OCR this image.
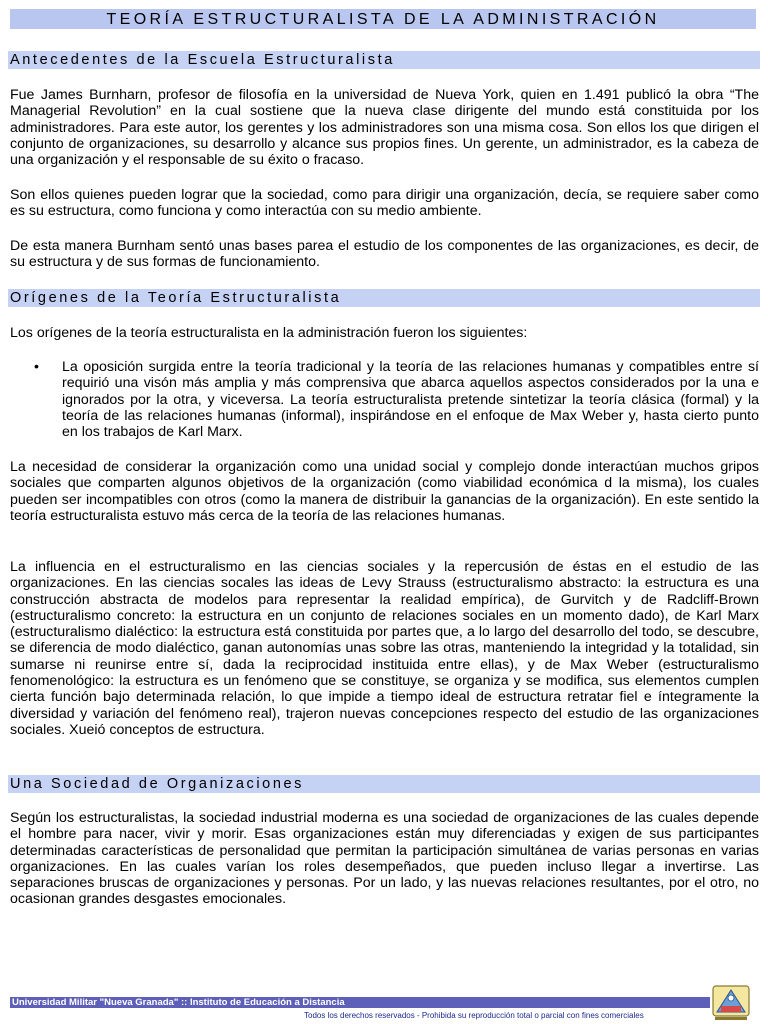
TEORÍA ESTRUCTURALISTA DE LA ADMINISTRACIÓN
Antecedentes de la Escuela Estructuralista

Fue James Burnharn, profesor de filosofía en la universidad de Nueva York, quien en 1.491 publicó la obra “The Managerial Revolution” en la cual sostiene que la nueva clase dirigente del mundo está constituida por los administradores. Para este autor, los gerentes y los administradores son una misma cosa. Son ellos los que dirigen el conjunto de organizaciones, su desarrollo y alcance sus propios fines. Un gerente, un administrador, es la cabeza de una organización y el responsable de su éxito o fracaso.

Son ellos quienes pueden lograr que la sociedad, como para dirigir una organización, decía, se requiere saber como es su estructura, como funciona y como interactúa con su medio ambiente.

De esta manera Burnham sentó unas bases parea el estudio de los componentes de las organizaciones, es decir, de su estructura y de sus formas de funcionamiento.

Orígenes de la Teoría Estructuralista

Los orígenes de la teoría estructuralista en la administración fueron los siguientes:

• La oposición surgida entre la teoría tradicional y la teoría de las relaciones humanas y compatibles entre sí requirió una visón más amplia y más comprensiva que abarca aquellos aspectos considerados por la una e ignorados por la otra, y viceversa. La teoría estructuralista pretende sintetizar la teoría clásica (formal) y la teoría de las relaciones humanas (informal), inspirándose en el enfoque de Max Weber y, hasta cierto punto en los trabajos de Karl Marx.

La necesidad de considerar la organización como una unidad social y complejo donde interactúan muchos gripos sociales que comparten algunos objetivos de la organización (como viabilidad económica d la misma), los cuales pueden ser incompatibles con otros (como la manera de distribuir la ganancias de la organización). En este sentido la teoría estructuralista estuvo más cerca de la teoría de las relaciones humanas.

La influencia en el estructuralismo en las ciencias sociales y la repercusión de éstas en el estudio de las organizaciones. En las ciencias socales las ideas de Levy Strauss (estructuralismo abstracto: la estructura es una construcción abstracta de modelos para representar la realidad empírica), de Gurvitch y de Radcliff-Brown (estructuralismo concreto: la estructura en un conjunto de relaciones sociales en un momento dado), de Karl Marx (estructuralismo dialéctico: la estructura está constituida por partes que, a lo largo del desarrollo del todo, se descubre, se diferencia de modo dialéctico, ganan autonomías unas sobre las otras, manteniendo la integridad y la totalidad, sin sumarse ni reunirse entre sí, dada la reciprocidad instituida entre ellas), y de Max Weber (estructuralismo fenomenológico: la estructura es un fenómeno que se constituye, se organiza y se modifica, sus elementos cumplen cierta función bajo determinada relación, lo que impide a tiempo ideal de estructura retratar fiel e íntegramente la diversidad y variación del fenómeno real), trajeron nuevas concepciones respecto del estudio de las organizaciones sociales. Xueió conceptos de estructura.

Una Sociedad de Organizaciones

Según los estructuralistas, la sociedad industrial moderna es una sociedad de organizaciones de las cuales depende el hombre para nacer, vivir y morir. Esas organizaciones están muy diferenciadas y exigen de sus participantes determinadas características de personalidad que permitan la participación simultánea de varias personas en varias organizaciones. En las cuales varían los roles desempeñados, que pueden incluso llegar a invertirse. Las separaciones bruscas de organizaciones y personas. Por un lado, y las nuevas relaciones resultantes, por el otro, no ocasionan grandes desgastes emocionales.

Universidad Militar "Nueva Granada" :: Instituto de Educación a Distancia
Todos los derechos reservados - Prohibida su reproducción total o parcial con fines comerciales
